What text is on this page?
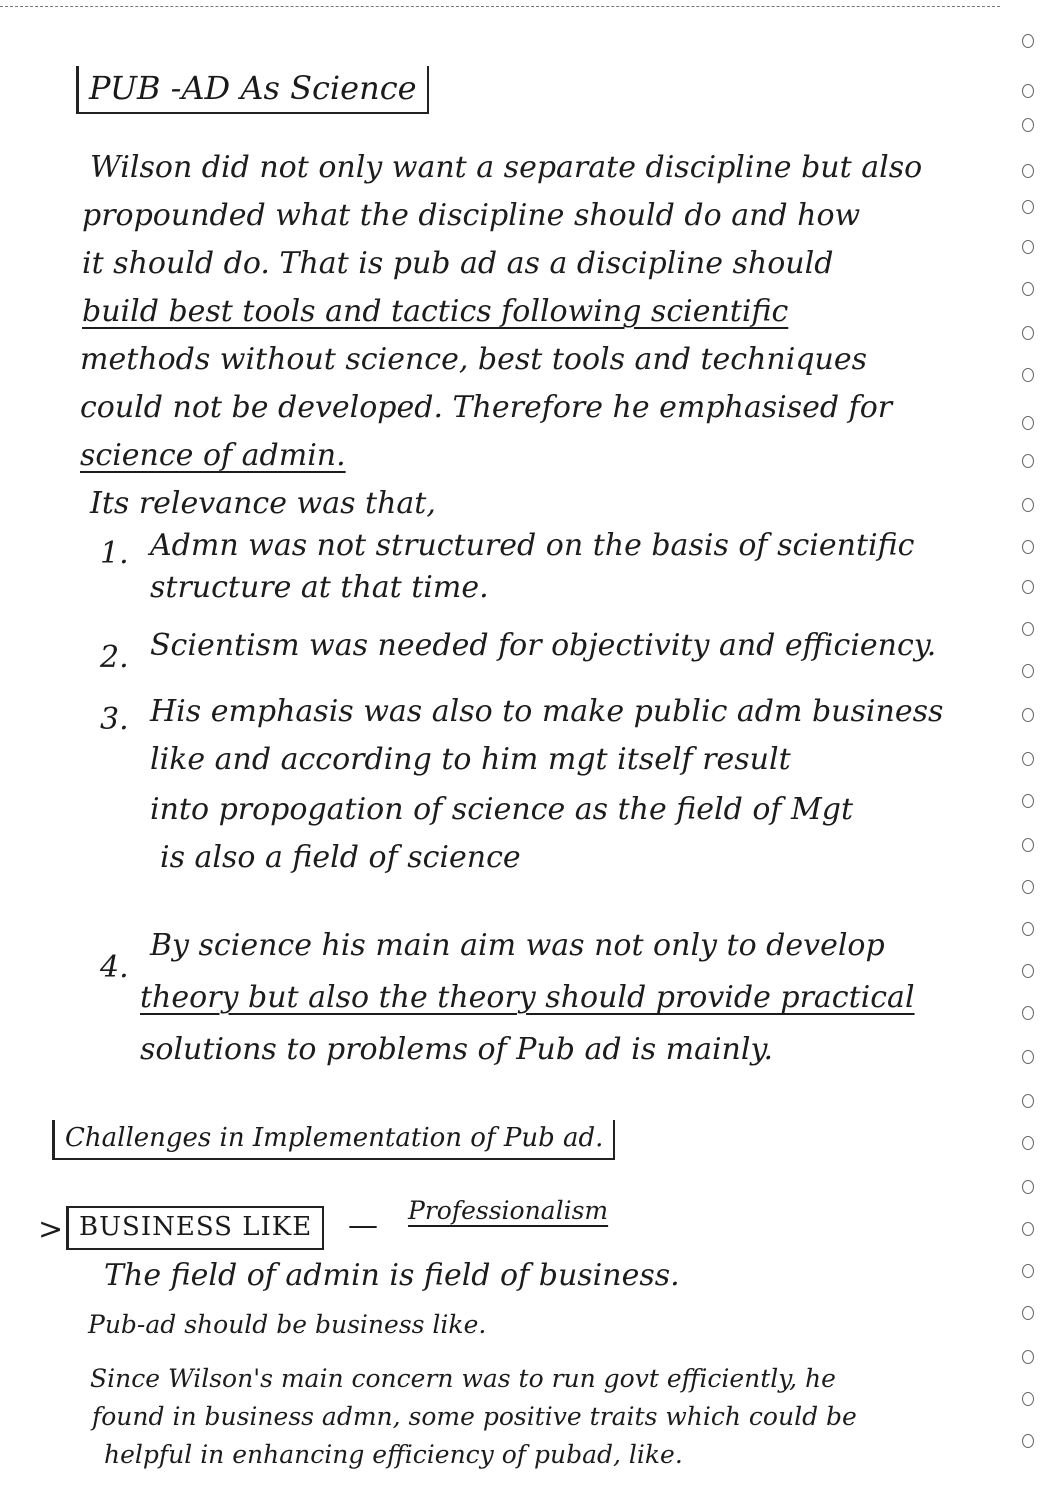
PUB -AD As Science
Wilson did not only want a separate discipline but also
propounded what the discipline should do and how
it should do. That is pub ad as a discipline should
build best tools and tactics following scientific
methods without science, best tools and techniques
could not be developed. Therefore he emphasised for
science of admin.
Its relevance was that,
1. Admn was not structured on the basis of scientific
structure at that time.
2. Scientism was needed for objectivity and efficiency.
3. His emphasis was also to make public adm business
like and according to him mgt itself result
into propogation of science as the field of Mgt
is also a field of science
4.
By science his main aim was not only to develop
theory but also the theory should provide practical
solutions to problems of Pub ad is mainly.
Challenges in Implementation of Pub ad.
> BUSINESS LIKE	— Professionalism
The field of admin is field of business.
Pub-ad should be business like.
Since Wilson's main concern was to run govt efficiently, he
found in business admn, some positive traits which could be
helpful in enhancing efficiency of pubad, like.
